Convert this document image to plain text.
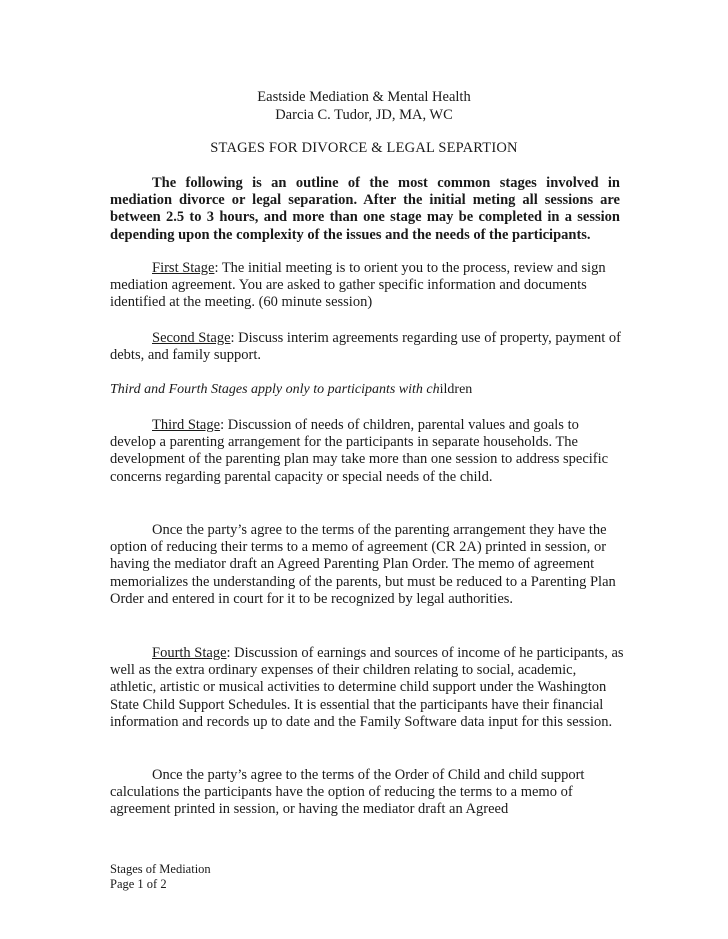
Eastside Mediation & Mental Health
Darcia C. Tudor, JD, MA, WC
STAGES FOR DIVORCE & LEGAL SEPARTION
The following is an outline of the most common stages involved in mediation divorce or legal separation. After the initial meting all sessions are between 2.5 to 3 hours, and more than one stage may be completed in a session depending upon the complexity of the issues and the needs of the participants.
First Stage: The initial meeting is to orient you to the process, review and sign mediation agreement. You are asked to gather specific information and documents identified at the meeting. (60 minute session)
Second Stage: Discuss interim agreements regarding use of property, payment of debts, and family support.
Third and Fourth Stages apply only to participants with children
Third Stage: Discussion of needs of children, parental values and goals to develop a parenting arrangement for the participants in separate households. The development of the parenting plan may take more than one session to address specific concerns regarding parental capacity or special needs of the child.
Once the party’s agree to the terms of the parenting arrangement they have the option of reducing their terms to a memo of agreement (CR 2A) printed in session, or having the mediator draft an Agreed Parenting Plan Order. The memo of agreement memorializes the understanding of the parents, but must be reduced to a Parenting Plan Order and entered in court for it to be recognized by legal authorities.
Fourth Stage: Discussion of earnings and sources of income of he participants, as well as the extra ordinary expenses of their children relating to social, academic, athletic, artistic or musical activities to determine child support under the Washington State Child Support Schedules. It is essential that the participants have their financial information and records up to date and the Family Software data input for this session.
Once the party’s agree to the terms of the Order of Child and child support calculations the participants have the option of reducing the terms to a memo of agreement printed in session, or having the mediator draft an Agreed
Stages of Mediation
Page 1 of 2
